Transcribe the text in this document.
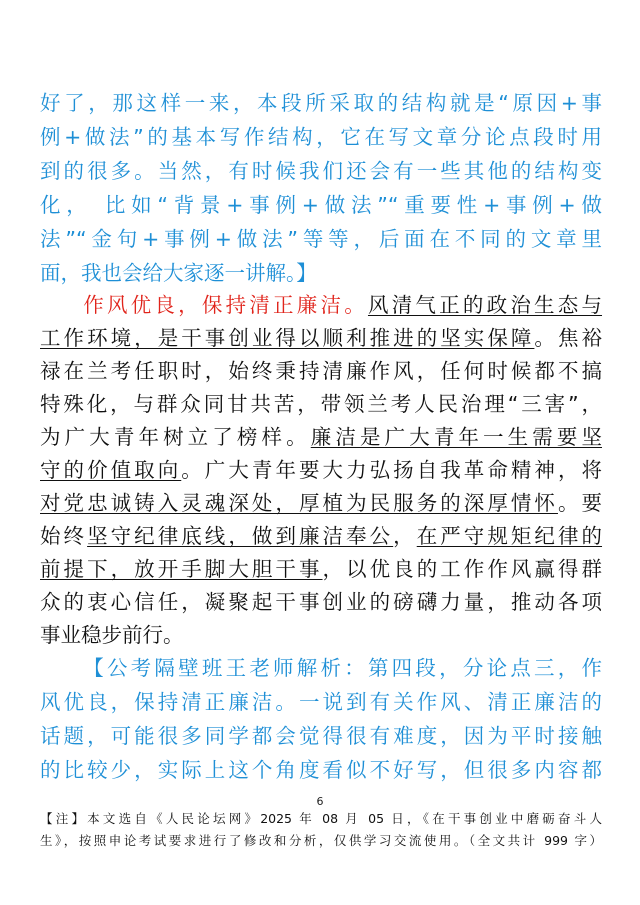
好了，那这样一来，本段所采取的结构就是“原因+事
例+做法”的基本写作结构，它在写文章分论点段时用
到的很多。当然，有时候我们还会有一些其他的结构变
化， 比如“背景+事例+做法”“重要性+事例+做
法”“金句+事例+做法”等等，后面在不同的文章里
面，我也会给大家逐一讲解。】
作风优良，保持清正廉洁。风清气正的政治生态与
工作环境，是干事创业得以顺利推进的坚实保障。焦裕
禄在兰考任职时，始终秉持清廉作风，任何时候都不搞
特殊化，与群众同甘共苦，带领兰考人民治理“三害”，
为广大青年树立了榜样。廉洁是广大青年一生需要坚
守的价值取向。广大青年要大力弘扬自我革命精神，将
对党忠诚铸入灵魂深处，厚植为民服务的深厚情怀。要
始终坚守纪律底线，做到廉洁奉公，在严守规矩纪律的
前提下，放开手脚大胆干事，以优良的工作作风赢得群
众的衷心信任，凝聚起干事创业的磅礴力量，推动各项
事业稳步前行。
【公考隔壁班王老师解析：第四段，分论点三，作
风优良，保持清正廉洁。一说到有关作风、清正廉洁的
话题，可能很多同学都会觉得很有难度，因为平时接触
的比较少，实际上这个角度看似不好写，但很多内容都
6
【注】本文选自《人民论坛网》2025 年 08 月 05 日，《在干事创业中磨砺奋斗人
生》，按照申论考试要求进行了修改和分析，仅供学习交流使用。（全文共计 999 字）
